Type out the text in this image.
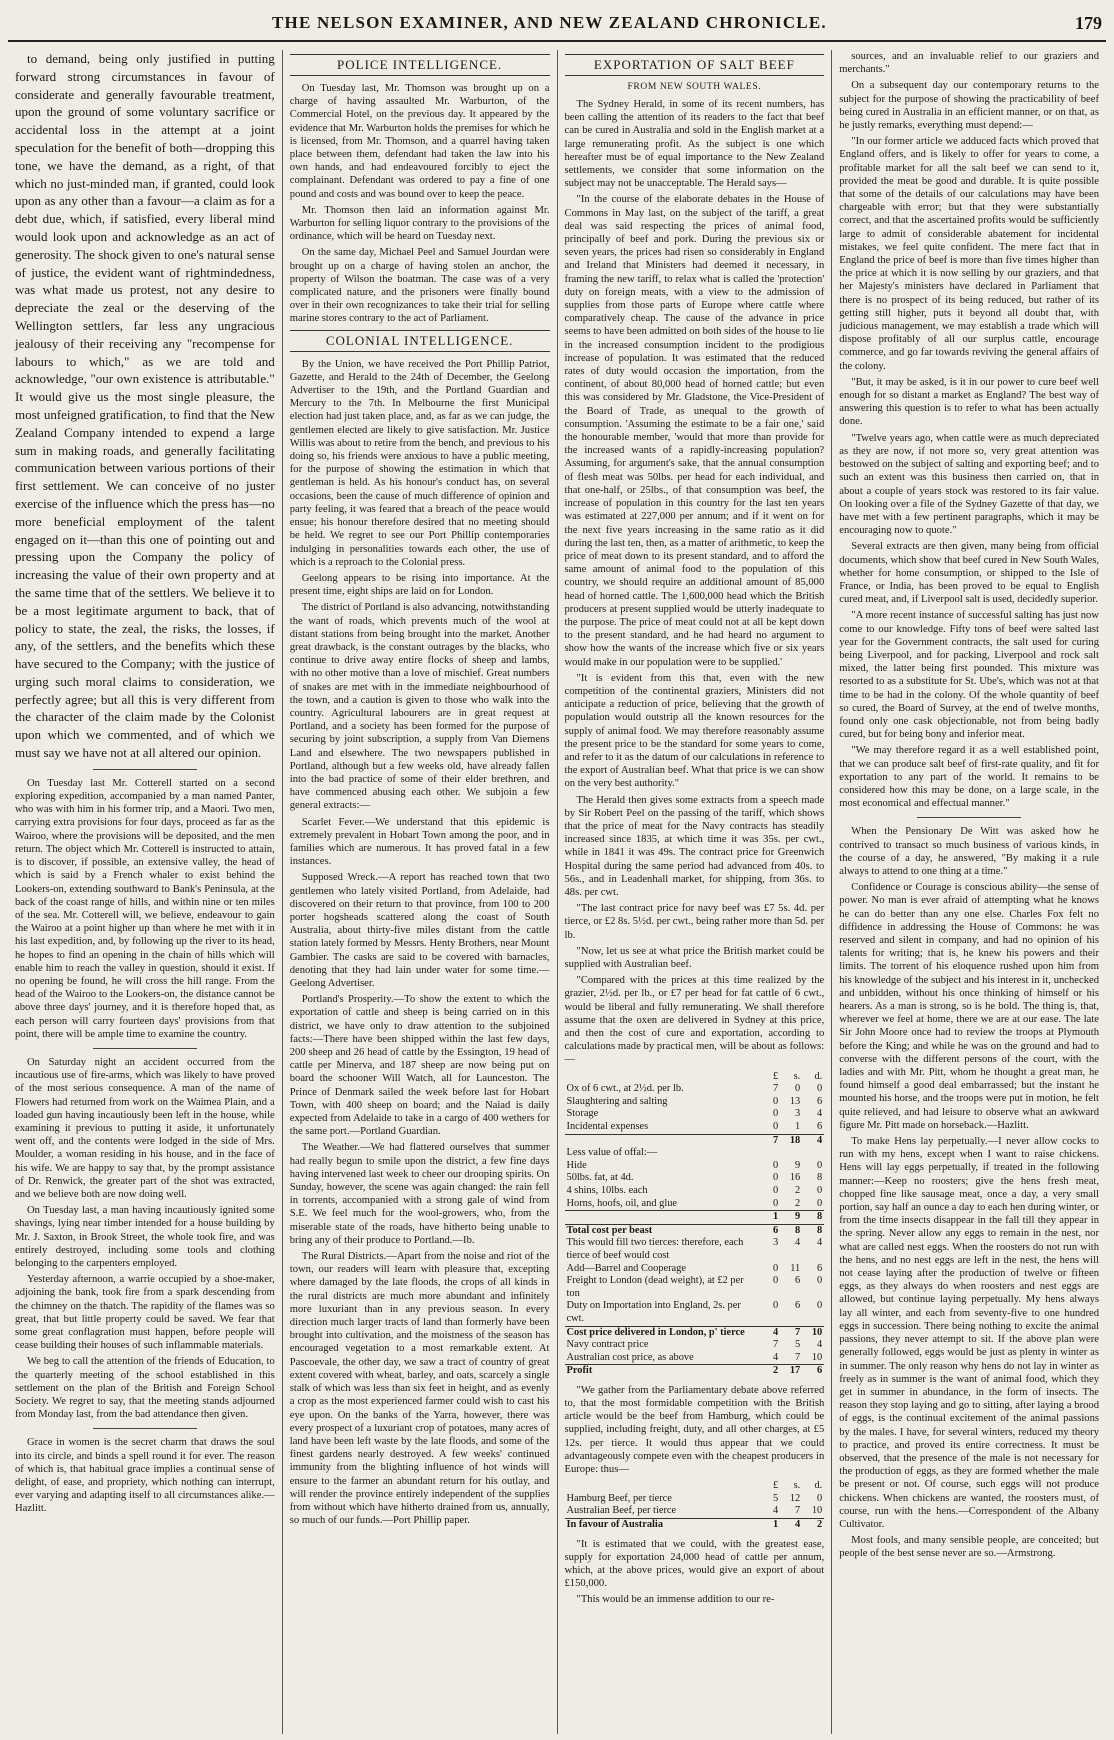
THE NELSON EXAMINER, AND NEW ZEALAND CHRONICLE.	179

to demand, being only justified in putting forward strong circumstances in favour of considerate and generally favourable treatment, upon the ground of some voluntary sacrifice or accidental loss in the attempt at a joint speculation for the benefit of both—dropping this tone, we have the demand, as a right, of that which no just-minded man, if granted, could look upon as any other than a favour—a claim as for a debt due, which, if satisfied, every liberal mind would look upon and acknowledge as an act of generosity. The shock given to one's natural sense of justice, the evident want of rightmindedness, was what made us protest, not any desire to depreciate the zeal or the deserving of the Wellington settlers, far less any ungracious jealousy of their receiving any "recompense for labours to which," as we are told and acknowledge, "our own existence is attributable." It would give us the most single pleasure, the most unfeigned gratification, to find that the New Zealand Company intended to expend a large sum in making roads, and generally facilitating communication between various portions of their first settlement. We can conceive of no juster exercise of the influence which the press has—no more beneficial employment of the talent engaged on it—than this one of pointing out and pressing upon the Company the policy of increasing the value of their own property and at the same time that of the settlers. We believe it to be a most legitimate argument to back, that of policy to state, the zeal, the risks, the losses, if any, of the settlers, and the benefits which these have secured to the Company; with the justice of urging such moral claims to consideration, we perfectly agree; but all this is very different from the character of the claim made by the Colonist upon which we commented, and of which we must say we have not at all altered our opinion.

On Tuesday last Mr. Cotterell started on a second exploring expedition, accompanied by a man named Panter, who was with him in his former trip, and a Maori. Two men, carrying extra provisions for four days, proceed as far as the Wairoo, where the provisions will be deposited, and the men return. The object which Mr. Cotterell is instructed to attain, is to discover, if possible, an extensive valley, the head of which is said by a French whaler to exist behind the Lookers-on, extending southward to Bank's Peninsula, at the back of the coast range of hills, and within nine or ten miles of the sea. Mr. Cotterell will, we believe, endeavour to gain the Wairoo at a point higher up than where he met with it in his last expedition, and, by following up the river to its head, he hopes to find an opening in the chain of hills which will enable him to reach the valley in question, should it exist. If no opening be found, he will cross the hill range. From the head of the Wairoo to the Lookers-on, the distance cannot be above three days' journey, and it is therefore hoped that, as each person will carry fourteen days' provisions from that point, there will be ample time to examine the country.

On Saturday night an accident occurred from the incautious use of fire-arms, which was likely to have proved of the most serious consequence. A man of the name of Flowers had returned from work on the Waimea Plain, and a loaded gun having incautiously been left in the house, while examining it previous to putting it aside, it unfortunately went off, and the contents were lodged in the side of Mrs. Moulder, a woman residing in his house, and in the face of his wife. We are happy to say that, by the prompt assistance of Dr. Renwick, the greater part of the shot was extracted, and we believe both are now doing well.

On Tuesday last, a man having incautiously ignited some shavings, lying near timber intended for a house building by Mr. J. Saxton, in Brook Street, the whole took fire, and was entirely destroyed, including some tools and clothing belonging to the carpenters employed.

Yesterday afternoon, a warrie occupied by a shoe-maker, adjoining the bank, took fire from a spark descending from the chimney on the thatch. The rapidity of the flames was so great, that but little property could be saved. We fear that some great conflagration must happen, before people will cease building their houses of such inflammable materials.

We beg to call the attention of the friends of Education, to the quarterly meeting of the school established in this settlement on the plan of the British and Foreign School Society. We regret to say, that the meeting stands adjourned from Monday last, from the bad attendance then given.

Grace in women is the secret charm that draws the soul into its circle, and binds a spell round it for ever. The reason of which is, that habitual grace implies a continual sense of delight, of ease, and propriety, which nothing can interrupt, ever varying and adapting itself to all circumstances alike.—Hazlitt.

POLICE INTELLIGENCE.

On Tuesday last, Mr. Thomson was brought up on a charge of having assaulted Mr. Warburton, of the Commercial Hotel, on the previous day. It appeared by the evidence that Mr. Warburton holds the premises for which he is licensed, from Mr. Thomson, and a quarrel having taken place between them, defendant had taken the law into his own hands, and had endeavoured forcibly to eject the complainant. Defendant was ordered to pay a fine of one pound and costs and was bound over to keep the peace.

Mr. Thomson then laid an information against Mr. Warburton for selling liquor contrary to the provisions of the ordinance, which will be heard on Tuesday next.

On the same day, Michael Peel and Samuel Jourdan were brought up on a charge of having stolen an anchor, the property of Wilson the boatman. The case was of a very complicated nature, and the prisoners were finally bound over in their own recognizances to take their trial for selling marine stores contrary to the act of Parliament.

COLONIAL INTELLIGENCE.

By the Union, we have received the Port Phillip Patriot, Gazette, and Herald to the 24th of December, the Geelong Advertiser to the 19th, and the Portland Guardian and Mercury to the 7th. In Melbourne the first Municipal election had just taken place, and, as far as we can judge, the gentlemen elected are likely to give satisfaction. Mr. Justice Willis was about to retire from the bench, and previous to his doing so, his friends were anxious to have a public meeting, for the purpose of showing the estimation in which that gentleman is held. As his honour's conduct has, on several occasions, been the cause of much difference of opinion and party feeling, it was feared that a breach of the peace would ensue; his honour therefore desired that no meeting should be held. We regret to see our Port Phillip contemporaries indulging in personalities towards each other, the use of which is a reproach to the Colonial press.

Geelong appears to be rising into importance. At the present time, eight ships are laid on for London.

The district of Portland is also advancing, notwithstanding the want of roads, which prevents much of the wool at distant stations from being brought into the market. Another great drawback, is the constant outrages by the blacks, who continue to drive away entire flocks of sheep and lambs, with no other motive than a love of mischief. Great numbers of snakes are met with in the immediate neighbourhood of the town, and a caution is given to those who walk into the country. Agricultural labourers are in great request at Portland, and a society has been formed for the purpose of securing by joint subscription, a supply from Van Diemens Land and elsewhere. The two newspapers published in Portland, although but a few weeks old, have already fallen into the bad practice of some of their elder brethren, and have commenced abusing each other. We subjoin a few general extracts:—

Scarlet Fever.—We understand that this epidemic is extremely prevalent in Hobart Town among the poor, and in families which are numerous. It has proved fatal in a few instances.

Supposed Wreck.—A report has reached town that two gentlemen who lately visited Portland, from Adelaide, had discovered on their return to that province, from 100 to 200 porter hogsheads scattered along the coast of South Australia, about thirty-five miles distant from the cattle station lately formed by Messrs. Henty Brothers, near Mount Gambier. The casks are said to be covered with barnacles, denoting that they had lain under water for some time.—Geelong Advertiser.

Portland's Prosperity.—To show the extent to which the exportation of cattle and sheep is being carried on in this district, we have only to draw attention to the subjoined facts:—There have been shipped within the last few days, 200 sheep and 26 head of cattle by the Essington, 19 head of cattle per Minerva, and 187 sheep are now being put on board the schooner Will Watch, all for Launceston. The Prince of Denmark sailed the week before last for Hobart Town, with 400 sheep on board; and the Naiad is daily expected from Adelaide to take in a cargo of 400 wethers for the same port.—Portland Guardian.

The Weather.—We had flattered ourselves that summer had really begun to smile upon the district, a few fine days having intervened last week to cheer our drooping spirits. On Sunday, however, the scene was again changed: the rain fell in torrents, accompanied with a strong gale of wind from S.E. We feel much for the wool-growers, who, from the miserable state of the roads, have hitherto being unable to bring any of their produce to Portland.—Ib.

The Rural Districts.—Apart from the noise and riot of the town, our readers will learn with pleasure that, excepting where damaged by the late floods, the crops of all kinds in the rural districts are much more abundant and infinitely more luxuriant than in any previous season. In every direction much larger tracts of land than formerly have been brought into cultivation, and the moistness of the season has encouraged vegetation to a most remarkable extent. At Pascoevale, the other day, we saw a tract of country of great extent covered with wheat, barley, and oats, scarcely a single stalk of which was less than six feet in height, and as evenly a crop as the most experienced farmer could wish to cast his eye upon. On the banks of the Yarra, however, there was every prospect of a luxuriant crop of potatoes, many acres of land have been left waste by the late floods, and some of the finest gardens nearly destroyed. A few weeks' continued immunity from the blighting influence of hot winds will ensure to the farmer an abundant return for his outlay, and will render the province entirely independent of the supplies from without which have hitherto drained from us, annually, so much of our funds.—Port Phillip paper.

EXPORTATION OF SALT BEEF
FROM NEW SOUTH WALES.

The Sydney Herald, in some of its recent numbers, has been calling the attention of its readers to the fact that beef can be cured in Australia and sold in the English market at a large remunerating profit. As the subject is one which hereafter must be of equal importance to the New Zealand settlements, we consider that some information on the subject may not be unacceptable. The Herald says—

"In the course of the elaborate debates in the House of Commons in May last, on the subject of the tariff, a great deal was said respecting the prices of animal food, principally of beef and pork. During the previous six or seven years, the prices had risen so considerably in England and Ireland that Ministers had deemed it necessary, in framing the new tariff, to relax what is called the 'protection' duty on foreign meats, with a view to the admission of supplies from those parts of Europe where cattle where comparatively cheap. The cause of the advance in price seems to have been admitted on both sides of the house to lie in the increased consumption incident to the prodigious increase of population. It was estimated that the reduced rates of duty would occasion the importation, from the continent, of about 80,000 head of horned cattle; but even this was considered by Mr. Gladstone, the Vice-President of the Board of Trade, as unequal to the growth of consumption. 'Assuming the estimate to be a fair one,' said the honourable member, 'would that more than provide for the increased wants of a rapidly-increasing population? Assuming, for argument's sake, that the annual consumption of flesh meat was 50lbs. per head for each individual, and that one-half, or 25lbs., of that consumption was beef, the increase of population in this country for the last ten years was estimated at 227,000 per annum; and if it went on for the next five years increasing in the same ratio as it did during the last ten, then, as a matter of arithmetic, to keep the price of meat down to its present standard, and to afford the same amount of animal food to the population of this country, we should require an additional amount of 85,000 head of horned cattle. The 1,600,000 head which the British producers at present supplied would be utterly inadequate to the purpose. The price of meat could not at all be kept down to the present standard, and he had heard no argument to show how the wants of the increase which five or six years would make in our population were to be supplied.'

"It is evident from this that, even with the new competition of the continental graziers, Ministers did not anticipate a reduction of price, believing that the growth of population would outstrip all the known resources for the supply of animal food. We may therefore reasonably assume the present price to be the standard for some years to come, and refer to it as the datum of our calculations in reference to the export of Australian beef. What that price is we can show on the very best authority."

The Herald then gives some extracts from a speech made by Sir Robert Peel on the passing of the tariff, which shows that the price of meat for the Navy contracts has steadily increased since 1835, at which time it was 35s. per cwt., while in 1841 it was 49s. The contract price for Greenwich Hospital during the same period had advanced from 40s. to 56s., and in Leadenhall market, for shipping, from 36s. to 48s. per cwt.

"The last contract price for navy beef was £7 5s. 4d. per tierce, or £2 8s. 5½d. per cwt., being rather more than 5d. per lb.

"Now, let us see at what price the British market could be supplied with Australian beef.

"Compared with the prices at this time realized by the grazier, 2½d. per lb., or £7 per head for fat cattle of 6 cwt., would be liberal and fully remunerating. We shall therefore assume that the oxen are delivered in Sydney at this price, and then the cost of cure and exportation, according to calculations made by practical men, will be about as follows:—

	£	s.	d.
Ox of 6 cwt., at 2½d. per lb.	7	0	0
Slaughtering and salting	0	13	6
Storage	0	3	4
Incidental expenses	0	1	6
	7	18	4
Less value of offal:—			
Hide	0	9	0
50lbs. fat, at 4d.	0	16	8
4 shins, 10lbs. each	0	2	0
Horns, hoofs, oil, and glue	0	2	0
	1	9	8
Total cost per beast	6	8	8
This would fill two tierces: therefore, each tierce of beef would cost	3	4	4
Add—Barrel and Cooperage	0	11	6
Freight to London (dead weight), at £2 per ton	0	6	0
Duty on Importation into England, 2s. per cwt.	0	6	0
Cost price delivered in London, p' tierce	4	7	10
Navy contract price	7	5	4
Australian cost price, as above	4	7	10
Profit	2	17	6

"We gather from the Parliamentary debate above referred to, that the most formidable competition with the British article would be the beef from Hamburg, which could be supplied, including freight, duty, and all other charges, at £5 12s. per tierce. It would thus appear that we could advantageously compete even with the cheapest producers in Europe: thus—

	£	s.	d.
Hamburg Beef, per tierce	5	12	0
Australian Beef, per tierce	4	7	10
In favour of Australia	1	4	2

"It is estimated that we could, with the greatest ease, supply for exportation 24,000 head of cattle per annum, which, at the above prices, would give an export of about £150,000.

"This would be an immense addition to our re-

sources, and an invaluable relief to our graziers and merchants."

On a subsequent day our contemporary returns to the subject for the purpose of showing the practicability of beef being cured in Australia in an efficient manner, or on that, as he justly remarks, everything must depend:—

"In our former article we adduced facts which proved that England offers, and is likely to offer for years to come, a profitable market for all the salt beef we can send to it, provided the meat be good and durable. It is quite possible that some of the details of our calculations may have been chargeable with error; but that they were substantially correct, and that the ascertained profits would be sufficiently large to admit of considerable abatement for incidental mistakes, we feel quite confident. The mere fact that in England the price of beef is more than five times higher than the price at which it is now selling by our graziers, and that her Majesty's ministers have declared in Parliament that there is no prospect of its being reduced, but rather of its getting still higher, puts it beyond all doubt that, with judicious management, we may establish a trade which will dispose profitably of all our surplus cattle, encourage commerce, and go far towards reviving the general affairs of the colony.

"But, it may be asked, is it in our power to cure beef well enough for so distant a market as England? The best way of answering this question is to refer to what has been actually done.

"Twelve years ago, when cattle were as much depreciated as they are now, if not more so, very great attention was bestowed on the subject of salting and exporting beef; and to such an extent was this business then carried on, that in about a couple of years stock was restored to its fair value. On looking over a file of the Sydney Gazette of that day, we have met with a few pertinent paragraphs, which it may be encouraging now to quote."

Several extracts are then given, many being from official documents, which show that beef cured in New South Wales, whether for home consumption, or shipped to the Isle of France, or India, has been proved to be equal to English cured meat, and, if Liverpool salt is used, decidedly superior.

"A more recent instance of successful salting has just now come to our knowledge. Fifty tons of beef were salted last year for the Government contracts, the salt used for curing being Liverpool, and for packing, Liverpool and rock salt mixed, the latter being first pounded. This mixture was resorted to as a substitute for St. Ube's, which was not at that time to be had in the colony. Of the whole quantity of beef so cured, the Board of Survey, at the end of twelve months, found only one cask objectionable, not from being badly cured, but for being bony and inferior meat.

"We may therefore regard it as a well established point, that we can produce salt beef of first-rate quality, and fit for exportation to any part of the world. It remains to be considered how this may be done, on a large scale, in the most economical and effectual manner."

When the Pensionary De Witt was asked how he contrived to transact so much business of various kinds, in the course of a day, he answered, "By making it a rule always to attend to one thing at a time."

Confidence or Courage is conscious ability—the sense of power. No man is ever afraid of attempting what he knows he can do better than any one else. Charles Fox felt no diffidence in addressing the House of Commons: he was reserved and silent in company, and had no opinion of his talents for writing; that is, he knew his powers and their limits. The torrent of his eloquence rushed upon him from his knowledge of the subject and his interest in it, unchecked and unbidden, without his once thinking of himself or his hearers. As a man is strong, so is he bold. The thing is, that, wherever we feel at home, there we are at our ease. The late Sir John Moore once had to review the troops at Plymouth before the King; and while he was on the ground and had to converse with the different persons of the court, with the ladies and with Mr. Pitt, whom he thought a great man, he found himself a good deal embarrassed; but the instant he mounted his horse, and the troops were put in motion, he felt quite relieved, and had leisure to observe what an awkward figure Mr. Pitt made on horseback.—Hazlitt.

To make Hens lay perpetually.—I never allow cocks to run with my hens, except when I want to raise chickens. Hens will lay eggs perpetually, if treated in the following manner:—Keep no roosters; give the hens fresh meat, chopped fine like sausage meat, once a day, a very small portion, say half an ounce a day to each hen during winter, or from the time insects disappear in the fall till they appear in the spring. Never allow any eggs to remain in the nest, nor what are called nest eggs. When the roosters do not run with the hens, and no nest eggs are left in the nest, the hens will not cease laying after the production of twelve or fifteen eggs, as they always do when roosters and nest eggs are allowed, but continue laying perpetually. My hens always lay all winter, and each from seventy-five to one hundred eggs in succession. There being nothing to excite the animal passions, they never attempt to sit. If the above plan were generally followed, eggs would be just as plenty in winter as in summer. The only reason why hens do not lay in winter as freely as in summer is the want of animal food, which they get in summer in abundance, in the form of insects. The reason they stop laying and go to sitting, after laying a brood of eggs, is the continual excitement of the animal passions by the males. I have, for several winters, reduced my theory to practice, and proved its entire correctness. It must be observed, that the presence of the male is not necessary for the production of eggs, as they are formed whether the male be present or not. Of course, such eggs will not produce chickens. When chickens are wanted, the roosters must, of course, run with the hens.—Correspondent of the Albany Cultivator.

Most fools, and many sensible people, are conceited; but people of the best sense never are so.—Armstrong.
